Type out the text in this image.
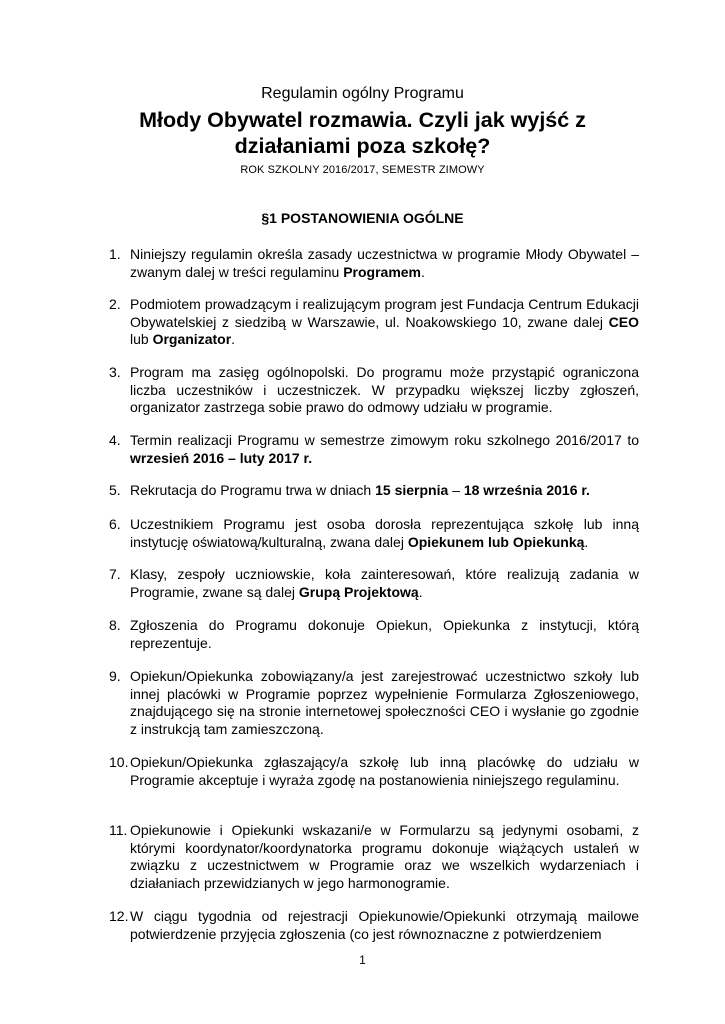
Regulamin ogólny Programu
Młody Obywatel rozmawia. Czyli jak wyjść z
działaniami poza szkołę?
ROK SZKOLNY 2016/2017, SEMESTR ZIMOWY
§1 POSTANOWIENIA OGÓLNE
1. Niniejszy regulamin określa zasady uczestnictwa w programie Młody Obywatel – zwanym dalej w treści regulaminu Programem.
2. Podmiotem prowadzącym i realizującym program jest Fundacja Centrum Edukacji Obywatelskiej z siedzibą w Warszawie, ul. Noakowskiego 10, zwane dalej CEO lub Organizator.
3. Program ma zasięg ogólnopolski. Do programu może przystąpić ograniczona liczba uczestników i uczestniczek. W przypadku większej liczby zgłoszeń, organizator zastrzega sobie prawo do odmowy udziału w programie.
4. Termin realizacji Programu w semestrze zimowym roku szkolnego 2016/2017 to wrzesień 2016 – luty 2017 r.
5. Rekrutacja do Programu trwa w dniach 15 sierpnia – 18 września 2016 r.
6. Uczestnikiem Programu jest osoba dorosła reprezentująca szkołę lub inną instytucję oświatową/kulturalną, zwana dalej Opiekunem lub Opiekunką.
7. Klasy, zespoły uczniowskie, koła zainteresowań, które realizują zadania w Programie, zwane są dalej Grupą Projektową.
8. Zgłoszenia do Programu dokonuje Opiekun, Opiekunka z instytucji, którą reprezentuje.
9. Opiekun/Opiekunka zobowiązany/a jest zarejestrować uczestnictwo szkoły lub innej placówki w Programie poprzez wypełnienie Formularza Zgłoszeniowego, znajdującego się na stronie internetowej społeczności CEO i wysłanie go zgodnie z instrukcją tam zamieszczoną.
10. Opiekun/Opiekunka zgłaszający/a szkołę lub inną placówkę do udziału w Programie akceptuje i wyraża zgodę na postanowienia niniejszego regulaminu.
11. Opiekunowie i Opiekunki wskazani/e w Formularzu są jedynymi osobami, z którymi koordynator/koordynatorka programu dokonuje wiążących ustaleń w związku z uczestnictwem w Programie oraz we wszelkich wydarzeniach i działaniach przewidzianych w jego harmonogramie.
12. W ciągu tygodnia od rejestracji Opiekunowie/Opiekunki otrzymają mailowe potwierdzenie przyjęcia zgłoszenia (co jest równoznaczne z potwierdzeniem
1
